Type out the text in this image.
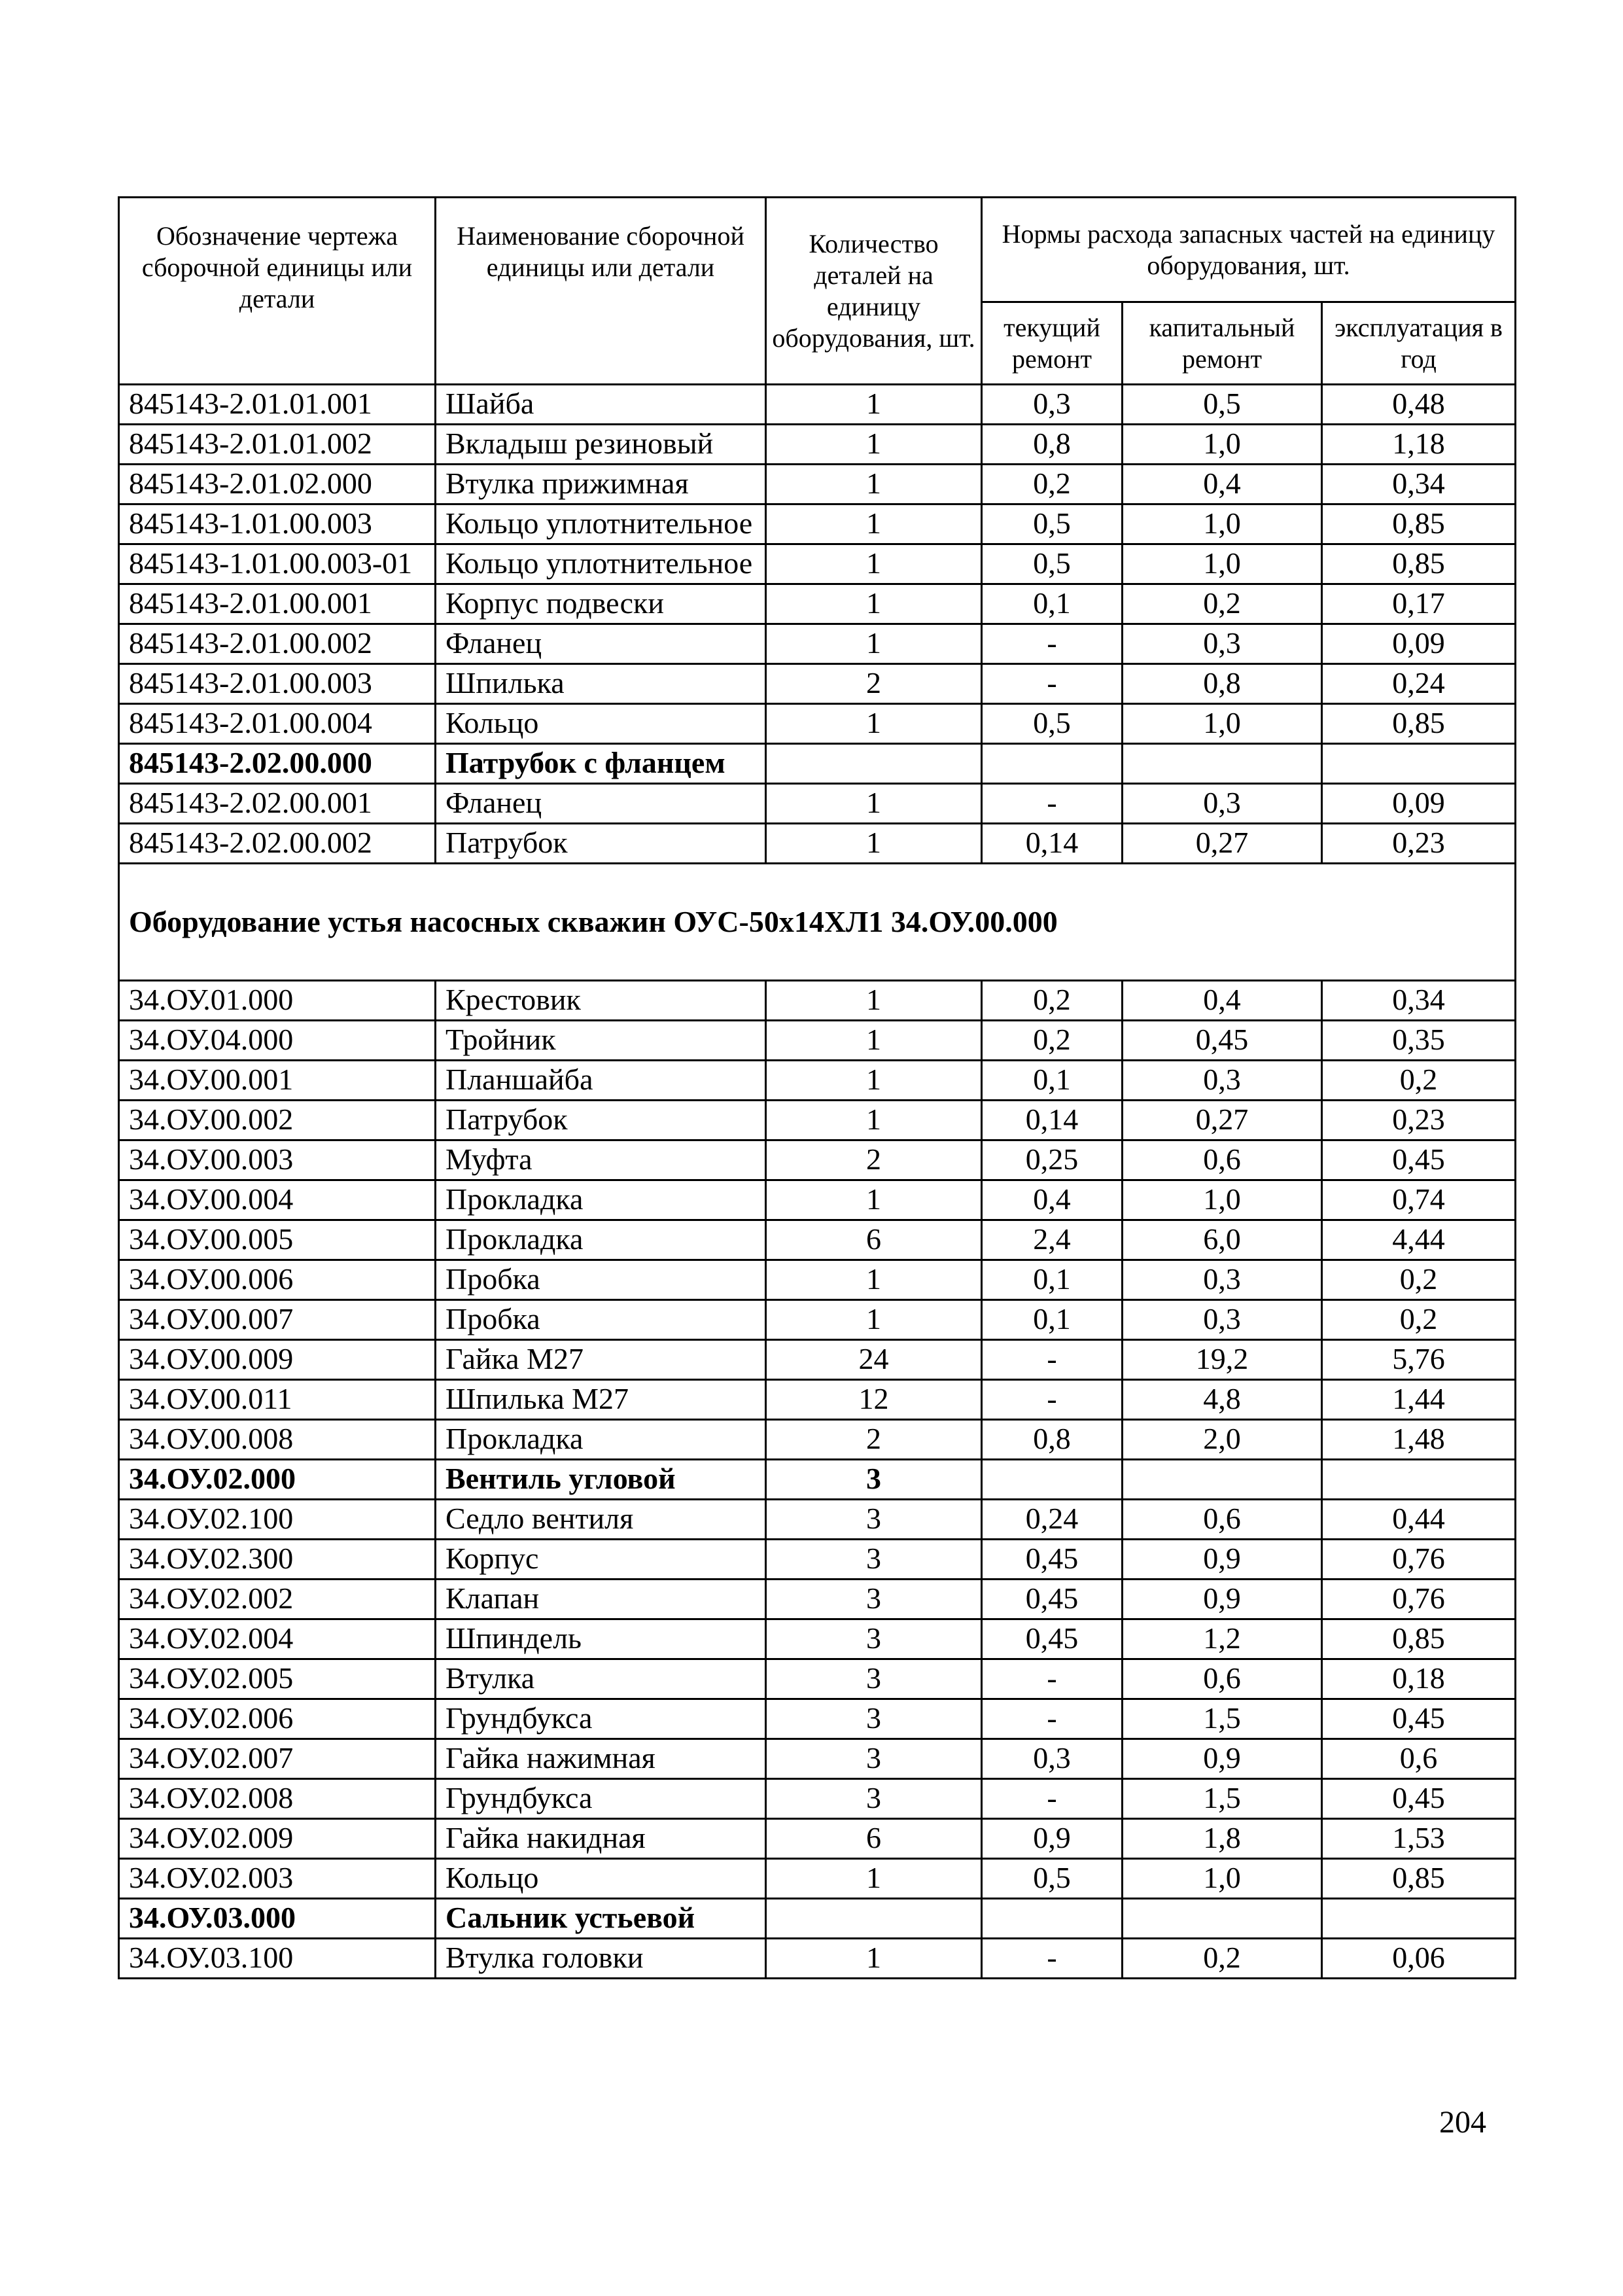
Обозначение чертежа сборочной единицы или детали	Наименование сборочной единицы или детали	Количество деталей на единицу оборудования, шт.	Нормы расхода запасных частей на единицу оборудования, шт.		
			текущий ремонт	капитальный ремонт	эксплуатация в год
845143-2.01.01.001	Шайба	1	0,3	0,5	0,48
845143-2.01.01.002	Вкладыш резиновый	1	0,8	1,0	1,18
845143-2.01.02.000	Втулка прижимная	1	0,2	0,4	0,34
845143-1.01.00.003	Кольцо уплотнительное	1	0,5	1,0	0,85
845143-1.01.00.003-01	Кольцо уплотнительное	1	0,5	1,0	0,85
845143-2.01.00.001	Корпус подвески	1	0,1	0,2	0,17
845143-2.01.00.002	Фланец	1	-	0,3	0,09
845143-2.01.00.003	Шпилька	2	-	0,8	0,24
845143-2.01.00.004	Кольцо	1	0,5	1,0	0,85
845143-2.02.00.000	Патрубок с фланцем				
845143-2.02.00.001	Фланец	1	-	0,3	0,09
845143-2.02.00.002	Патрубок	1	0,14	0,27	0,23
Оборудование устья насосных скважин ОУС-50х14ХЛ1 34.ОУ.00.000					
34.ОУ.01.000	Крестовик	1	0,2	0,4	0,34
34.ОУ.04.000	Тройник	1	0,2	0,45	0,35
34.ОУ.00.001	Планшайба	1	0,1	0,3	0,2
34.ОУ.00.002	Патрубок	1	0,14	0,27	0,23
34.ОУ.00.003	Муфта	2	0,25	0,6	0,45
34.ОУ.00.004	Прокладка	1	0,4	1,0	0,74
34.ОУ.00.005	Прокладка	6	2,4	6,0	4,44
34.ОУ.00.006	Пробка	1	0,1	0,3	0,2
34.ОУ.00.007	Пробка	1	0,1	0,3	0,2
34.ОУ.00.009	Гайка М27	24	-	19,2	5,76
34.ОУ.00.011	Шпилька М27	12	-	4,8	1,44
34.ОУ.00.008	Прокладка	2	0,8	2,0	1,48
34.ОУ.02.000	Вентиль угловой	3			
34.ОУ.02.100	Седло вентиля	3	0,24	0,6	0,44
34.ОУ.02.300	Корпус	3	0,45	0,9	0,76
34.ОУ.02.002	Клапан	3	0,45	0,9	0,76
34.ОУ.02.004	Шпиндель	3	0,45	1,2	0,85
34.ОУ.02.005	Втулка	3	-	0,6	0,18
34.ОУ.02.006	Грундбукса	3	-	1,5	0,45
34.ОУ.02.007	Гайка нажимная	3	0,3	0,9	0,6
34.ОУ.02.008	Грундбукса	3	-	1,5	0,45
34.ОУ.02.009	Гайка накидная	6	0,9	1,8	1,53
34.ОУ.02.003	Кольцо	1	0,5	1,0	0,85
34.ОУ.03.000	Сальник устьевой				
34.ОУ.03.100	Втулка головки	1	-	0,2	0,06
204
